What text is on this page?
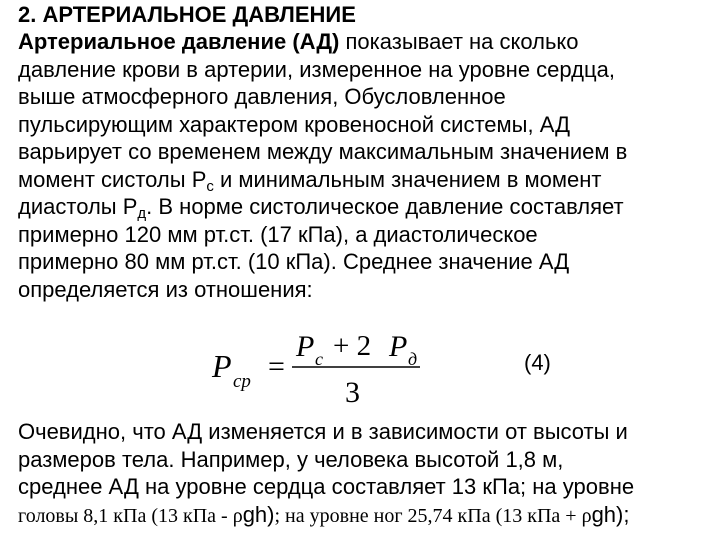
2. АРТЕРИАЛЬНОЕ ДАВЛЕНИЕ
Артериальное давление (АД) показывает на сколько
давление крови в артерии, измеренное на уровне сердца,
выше атмосферного давления, Обусловленное
пульсирующим характером кровеносной системы, АД
варьирует со временем между максимальным значением в
момент систолы $Р_с$ и минимальным значением в момент
диастолы $Р_д$. В норме систолическое давление составляет
примерно 120 мм рт.ст. (17 кПа), а диастолическое
примерно 80 мм рт.ст. (10 кПа). Среднее значение АД
определяется из отношения:
P ср =
P с + 2 P д
3
(4)
Очевидно, что АД изменяется и в зависимости от высоты и
размеров тела. Например, у человека высотой 1,8 м,
среднее АД на уровне сердца составляет 13 кПа; на уровне
головы 8,1 кПа (13 кПа - ρgh); на уровне ног 25,74 кПа (13 кПа + ρgh);
